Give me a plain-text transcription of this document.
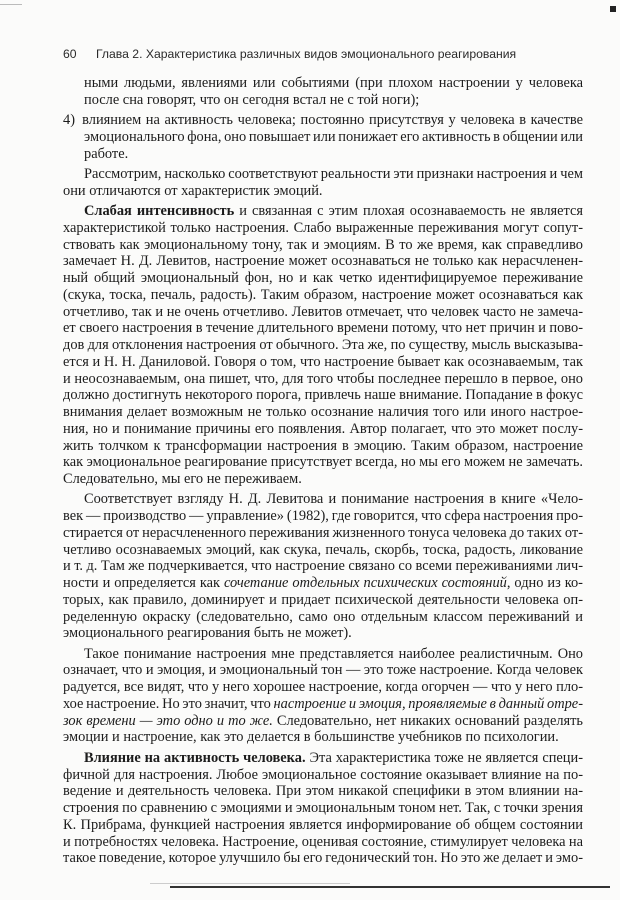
60 Глава 2. Характеристика различных видов эмоционального реагирования
ными людьми, явлениями или событиями (при плохом настроении у человека
после сна говорят, что он сегодня встал не с той ноги);
4) влиянием на активность человека; постоянно присутствуя у человека в качестве
эмоционального фона, оно повышает или понижает его активность в общении или
работе.
Рассмотрим, насколько соответствуют реальности эти признаки настроения и чем
они отличаются от характеристик эмоций.
Слабая интенсивность и связанная с этим плохая осознаваемость не является
характеристикой только настроения. Слабо выраженные переживания могут сопут-
ствовать как эмоциональному тону, так и эмоциям. В то же время, как справедливо
замечает Н. Д. Левитов, настроение может осознаваться не только как нерасчленен-
ный общий эмоциональный фон, но и как четко идентифицируемое переживание
(скука, тоска, печаль, радость). Таким образом, настроение может осознаваться как
отчетливо, так и не очень отчетливо. Левитов отмечает, что человек часто не замеча-
ет своего настроения в течение длительного времени потому, что нет причин и пово-
дов для отклонения настроения от обычного. Эта же, по существу, мысль высказыва-
ется и Н. Н. Даниловой. Говоря о том, что настроение бывает как осознаваемым, так
и неосознаваемым, она пишет, что, для того чтобы последнее перешло в первое, оно
должно достигнуть некоторого порога, привлечь наше внимание. Попадание в фокус
внимания делает возможным не только осознание наличия того или иного настрое-
ния, но и понимание причины его появления. Автор полагает, что это может послу-
жить толчком к трансформации настроения в эмоцию. Таким образом, настроение
как эмоциональное реагирование присутствует всегда, но мы его можем не замечать.
Следовательно, мы его не переживаем.
Соответствует взгляду Н. Д. Левитова и понимание настроения в книге «Чело-
век — производство — управление» (1982), где говорится, что сфера настроения про-
стирается от нерасчлененного переживания жизненного тонуса человека до таких от-
четливо осознаваемых эмоций, как скука, печаль, скорбь, тоска, радость, ликование
и т. д. Там же подчеркивается, что настроение связано со всеми переживаниями лич-
ности и определяется как сочетание отдельных психических состояний, одно из ко-
торых, как правило, доминирует и придает психической деятельности человека оп-
ределенную окраску (следовательно, само оно отдельным классом переживаний и
эмоционального реагирования быть не может).
Такое понимание настроения мне представляется наиболее реалистичным. Оно
означает, что и эмоция, и эмоциональный тон — это тоже настроение. Когда человек
радуется, все видят, что у него хорошее настроение, когда огорчен — что у него пло-
хое настроение. Но это значит, что настроение и эмоция, проявляемые в данный отре-
зок времени — это одно и то же. Следовательно, нет никаких оснований разделять
эмоции и настроение, как это делается в большинстве учебников по психологии.
Влияние на активность человека. Эта характеристика тоже не является специ-
фичной для настроения. Любое эмоциональное состояние оказывает влияние на по-
ведение и деятельность человека. При этом никакой специфики в этом влиянии на-
строения по сравнению с эмоциями и эмоциональным тоном нет. Так, с точки зрения
К. Прибрама, функцией настроения является информирование об общем состоянии
и потребностях человека. Настроение, оценивая состояние, стимулирует человека на
такое поведение, которое улучшило бы его гедонический тон. Но это же делает и эмо-
